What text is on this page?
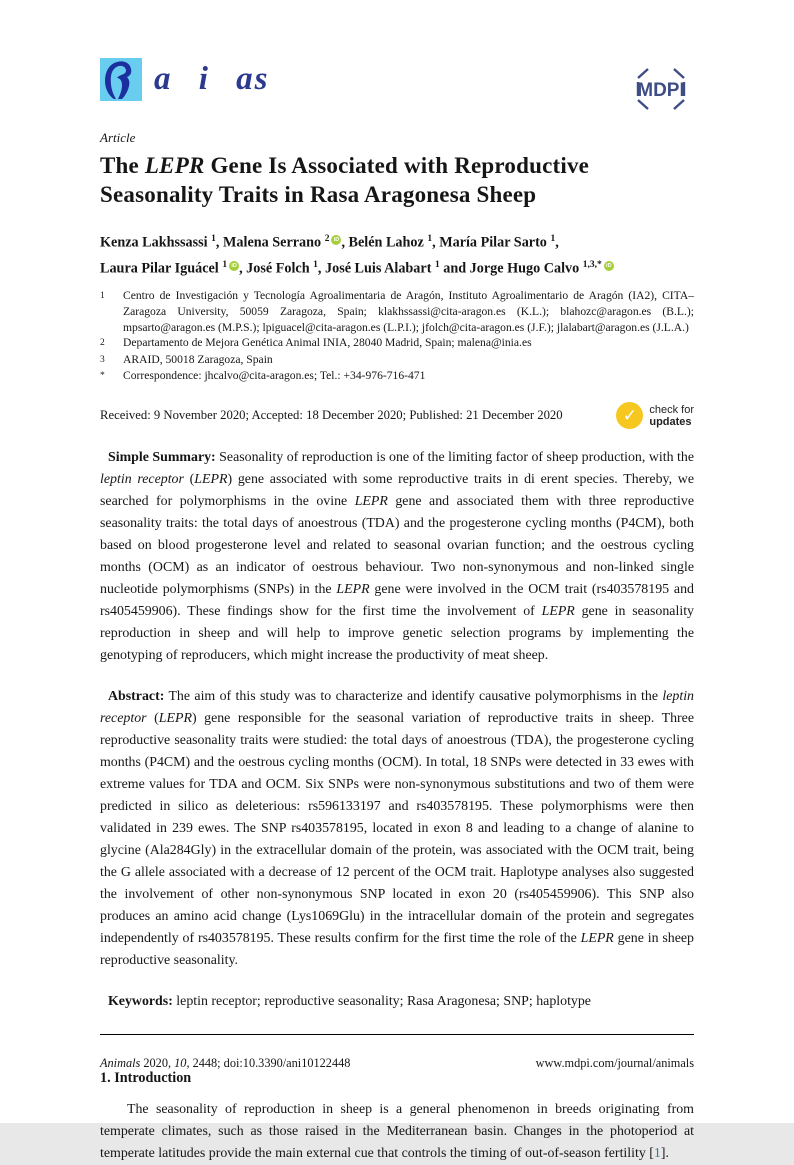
a i as	MDPI
Article
The LEPR Gene Is Associated with Reproductive Seasonality Traits in Rasa Aragonesa Sheep
Kenza Lakhssassi $^1$, Malena Serrano $^2$ iD , Belén Lahoz $^1$, María Pilar Sarto $^1$,
Laura Pilar Iguácel $^1$ iD , José Folch $^1$, José Luis Alabart $^1$ and Jorge Hugo Calvo $^{1,3,*}$ iD
1	Centro de Investigación y Tecnología Agroalimentaria de Aragón, Instituto Agroalimentario de Aragón (IA2), CITA–Zaragoza University, 50059 Zaragoza, Spain; klakhssassi@cita-aragon.es (K.L.); blahozc@aragon.es (B.L.); mpsarto@aragon.es (M.P.S.); lpiguacel@cita-aragon.es (L.P.I.); jfolch@cita-aragon.es (J.F.); jlalabart@aragon.es (J.L.A.)
2	Departamento de Mejora Genética Animal INIA, 28040 Madrid, Spain; malena@inia.es
3	ARAID, 50018 Zaragoza, Spain
*	Correspondence: jhcalvo@cita-aragon.es; Tel.: +34-976-716-471
Received: 9 November 2020; Accepted: 18 December 2020; Published: 21 December 2020	✓	check for
updates

Simple Summary: Seasonality of reproduction is one of the limiting factor of sheep production, with the leptin receptor (LEPR) gene associated with some reproductive traits in di erent species. Thereby, we searched for polymorphisms in the ovine LEPR gene and associated them with three reproductive seasonality traits: the total days of anoestrous (TDA) and the progesterone cycling months (P4CM), both based on blood progesterone level and related to seasonal ovarian function; and the oestrous cycling months (OCM) as an indicator of oestrous behaviour. Two non-synonymous and non-linked single nucleotide polymorphisms (SNPs) in the LEPR gene were involved in the OCM trait (rs403578195 and rs405459906). These findings show for the first time the involvement of LEPR gene in seasonality reproduction in sheep and will help to improve genetic selection programs by implementing the genotyping of reproducers, which might increase the productivity of meat sheep.

Abstract: The aim of this study was to characterize and identify causative polymorphisms in the leptin receptor (LEPR) gene responsible for the seasonal variation of reproductive traits in sheep. Three reproductive seasonality traits were studied: the total days of anoestrous (TDA), the progesterone cycling months (P4CM) and the oestrous cycling months (OCM). In total, 18 SNPs were detected in 33 ewes with extreme values for TDA and OCM. Six SNPs were non-synonymous substitutions and two of them were predicted in silico as deleterious: rs596133197 and rs403578195. These polymorphisms were then validated in 239 ewes. The SNP rs403578195, located in exon 8 and leading to a change of alanine to glycine (Ala284Gly) in the extracellular domain of the protein, was associated with the OCM trait, being the G allele associated with a decrease of 12 percent of the OCM trait. Haplotype analyses also suggested the involvement of other non-synonymous SNP located in exon 20 (rs405459906). This SNP also produces an amino acid change (Lys1069Glu) in the intracellular domain of the protein and segregates independently of rs403578195. These results confirm for the first time the role of the LEPR gene in sheep reproductive seasonality.

Keywords: leptin receptor; reproductive seasonality; Rasa Aragonesa; SNP; haplotype

1. Introduction

The seasonality of reproduction in sheep is a general phenomenon in breeds originating from temperate climates, such as those raised in the Mediterranean basin. Changes in the photoperiod at temperate latitudes provide the main external cue that controls the timing of out-of-season fertility [1].

Animals 2020, 10, 2448; doi:10.3390/ani10122448	www.mdpi.com/journal/animals
